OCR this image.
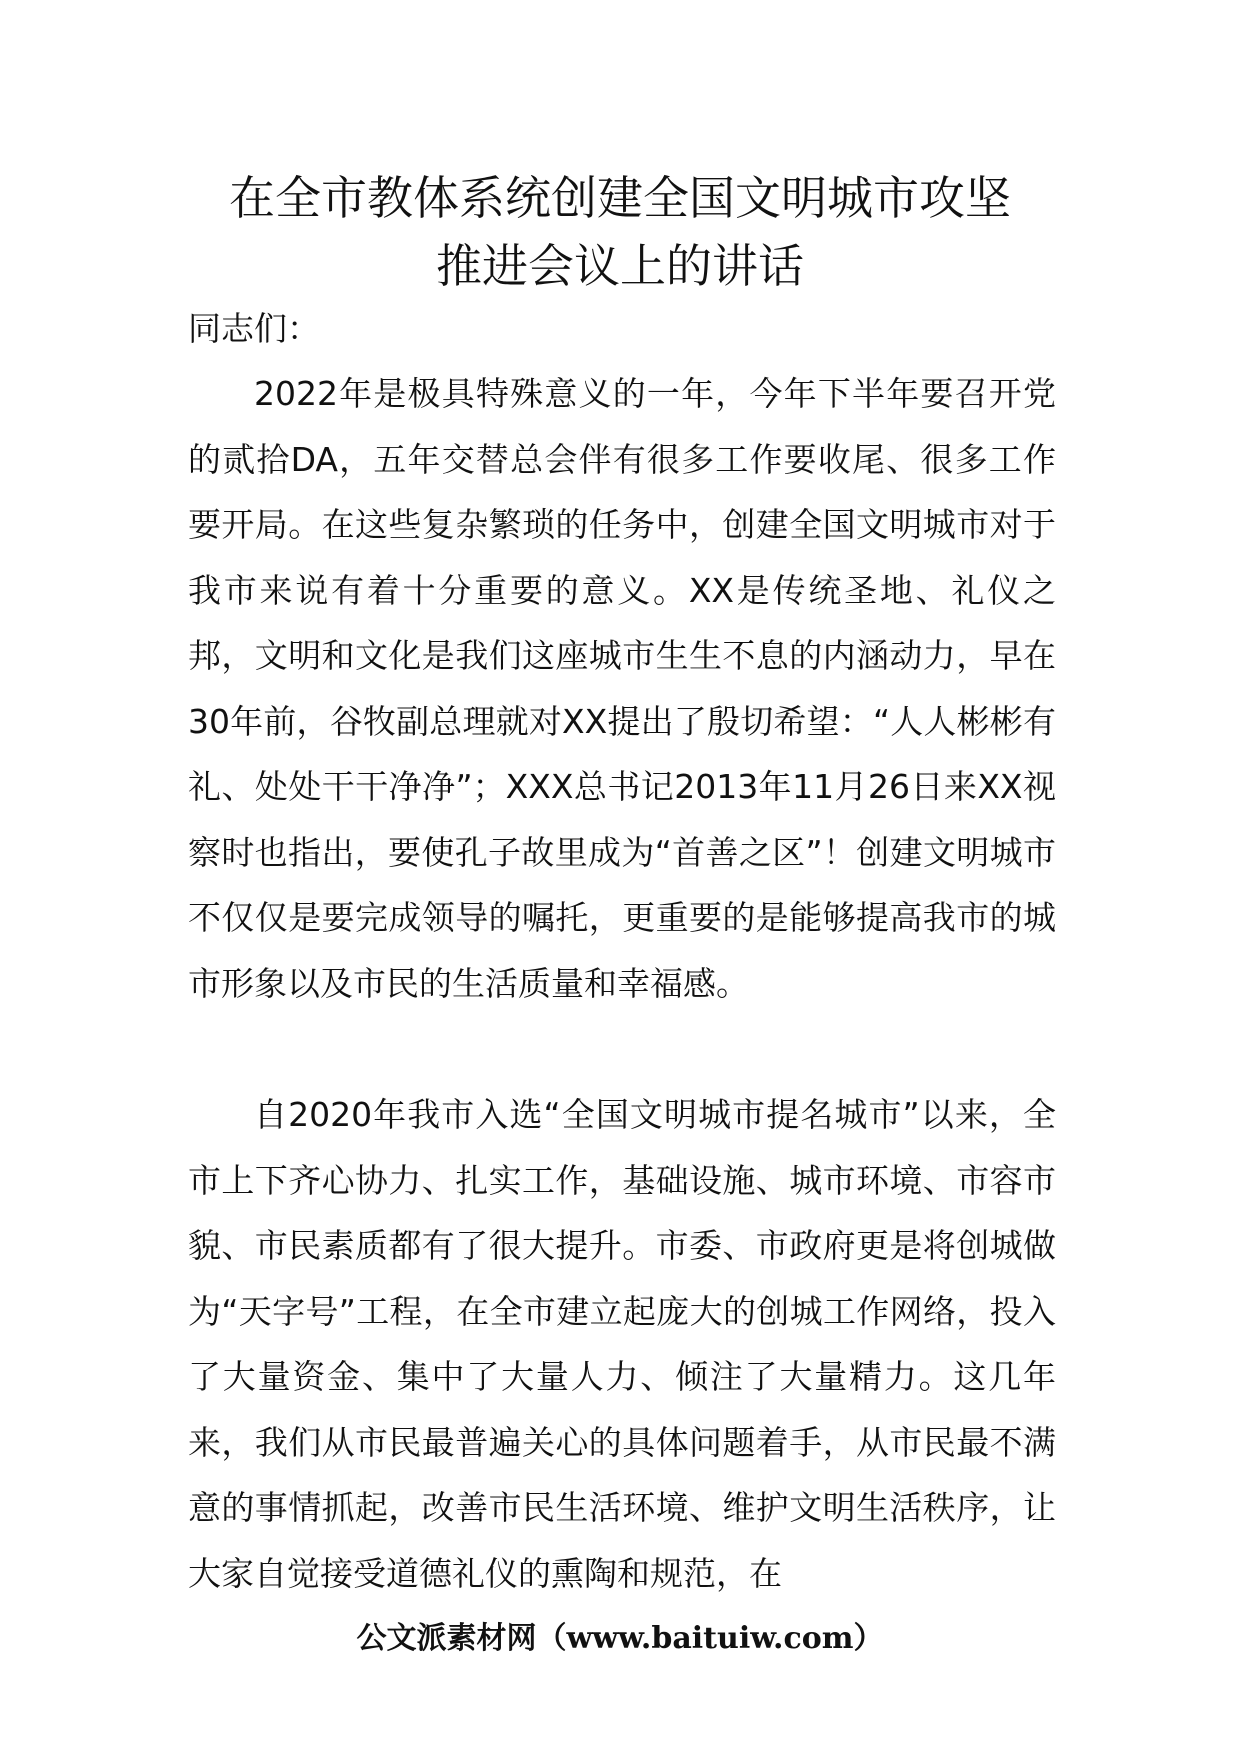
在全市教体系统创建全国文明城市攻坚
推进会议上的讲话

同志们：

2022年是极具特殊意义的一年，今年下半年要召开党的贰拾DA，五年交替总会伴有很多工作要收尾、很多工作要开局。在这些复杂繁琐的任务中，创建全国文明城市对于我市来说有着十分重要的意义。XX是传统圣地、礼仪之邦，文明和文化是我们这座城市生生不息的内涵动力，早在30年前，谷牧副总理就对XX提出了殷切希望：“人人彬彬有礼、处处干干净净”；XXX总书记2013年11月26日来XX视察时也指出，要使孔子故里成为“首善之区”！创建文明城市不仅仅是要完成领导的嘱托，更重要的是能够提高我市的城市形象以及市民的生活质量和幸福感。

自2020年我市入选“全国文明城市提名城市”以来，全市上下齐心协力、扎实工作，基础设施、城市环境、市容市貌、市民素质都有了很大提升。市委、市政府更是将创城做为“天字号”工程，在全市建立起庞大的创城工作网络，投入了大量资金、集中了大量人力、倾注了大量精力。这几年来，我们从市民最普遍关心的具体问题着手，从市民最不满意的事情抓起，改善市民生活环境、维护文明生活秩序，让大家自觉接受道德礼仪的熏陶和规范，在

公文派素材网（www.baituiw.com）
